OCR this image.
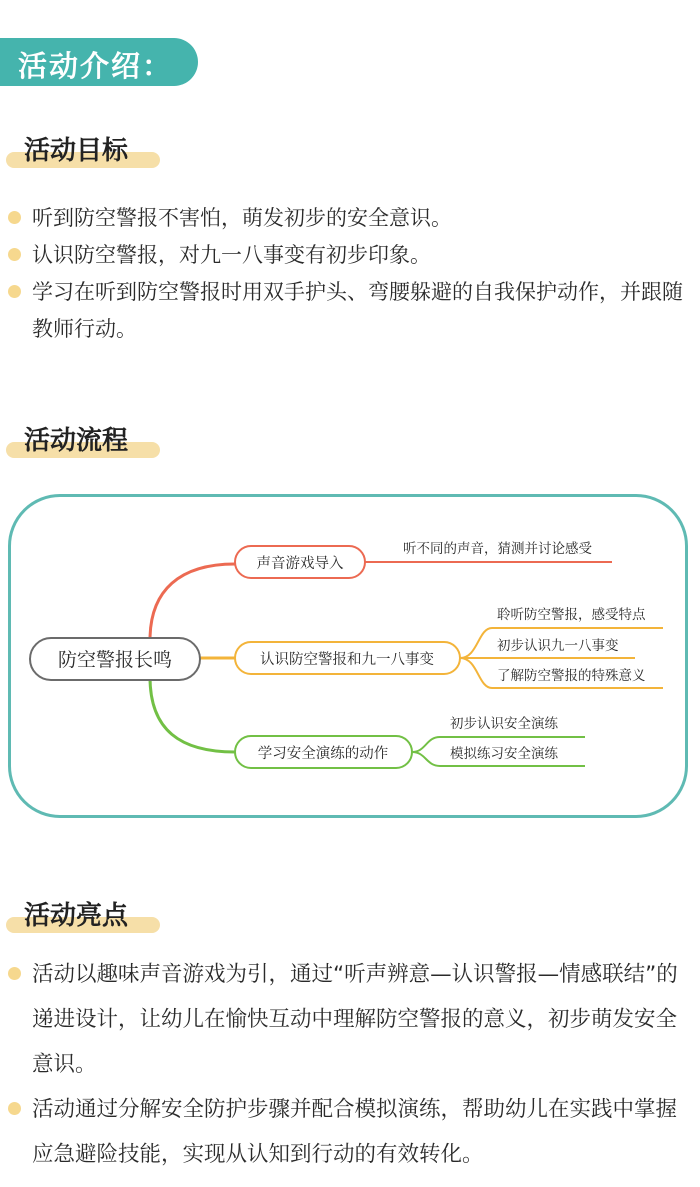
活动介绍：
活动目标
听到防空警报不害怕，萌发初步的安全意识。
认识防空警报，对九一八事变有初步印象。
学习在听到防空警报时用双手护头、弯腰躲避的自我保护动作，并跟随教师行动。
活动流程
防空警报长鸣
声音游戏导入
听不同的声音，猜测并讨论感受
认识防空警报和九一八事变
聆听防空警报，感受特点
初步认识九一八事变
了解防空警报的特殊意义
学习安全演练的动作
初步认识安全演练
模拟练习安全演练
活动亮点
活动以趣味声音游戏为引，通过“听声辨意—认识警报—情感联结”的递进设计，让幼儿在愉快互动中理解防空警报的意义，初步萌发安全意识。
活动通过分解安全防护步骤并配合模拟演练，帮助幼儿在实践中掌握应急避险技能，实现从认知到行动的有效转化。
